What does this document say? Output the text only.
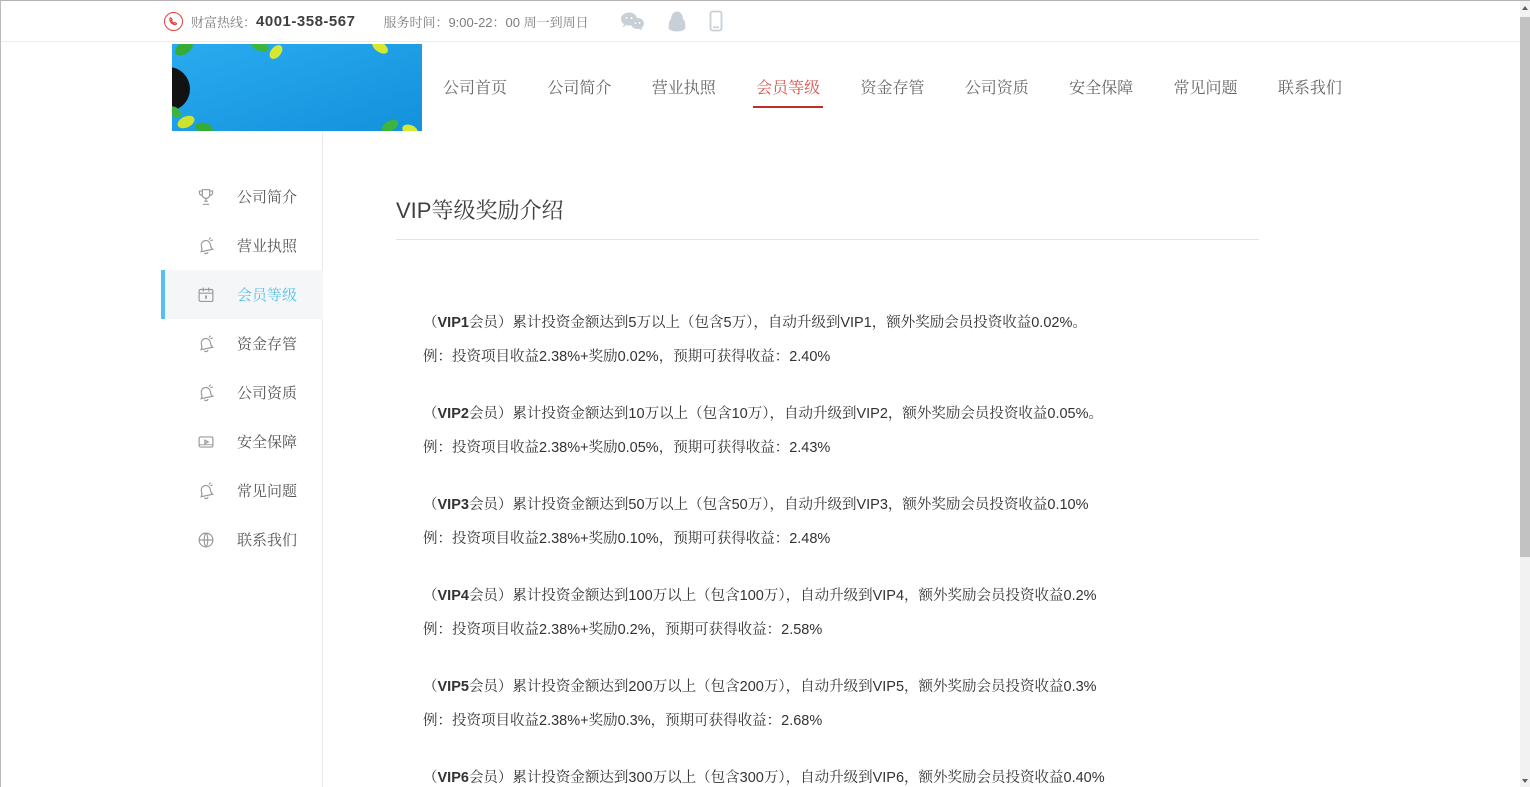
财富热线： 4001-358-567 服务时间：9:00-22：00 周一到周日
公司首页	公司简介	营业执照	会员等级	资金存管	公司资质	安全保障	常见问题	联系我们
公司简介
营业执照
会员等级
资金存管
公司资质
安全保障
常见问题
联系我们
VIP等级奖励介绍

（VIP1会员）累计投资金额达到5万以上（包含5万），自动升级到VIP1，额外奖励会员投资收益0.02%。

例：投资项目收益2.38%+奖励0.02%，预期可获得收益：2.40%

（VIP2会员）累计投资金额达到10万以上（包含10万），自动升级到VIP2，额外奖励会员投资收益0.05%。

例：投资项目收益2.38%+奖励0.05%，预期可获得收益：2.43%

（VIP3会员）累计投资金额达到50万以上（包含50万），自动升级到VIP3，额外奖励会员投资收益0.10%

例：投资项目收益2.38%+奖励0.10%，预期可获得收益：2.48%

（VIP4会员）累计投资金额达到100万以上（包含100万），自动升级到VIP4，额外奖励会员投资收益0.2%

例：投资项目收益2.38%+奖励0.2%，预期可获得收益：2.58%

（VIP5会员）累计投资金额达到200万以上（包含200万），自动升级到VIP5，额外奖励会员投资收益0.3%

例：投资项目收益2.38%+奖励0.3%，预期可获得收益：2.68%

（VIP6会员）累计投资金额达到300万以上（包含300万），自动升级到VIP6，额外奖励会员投资收益0.40%
